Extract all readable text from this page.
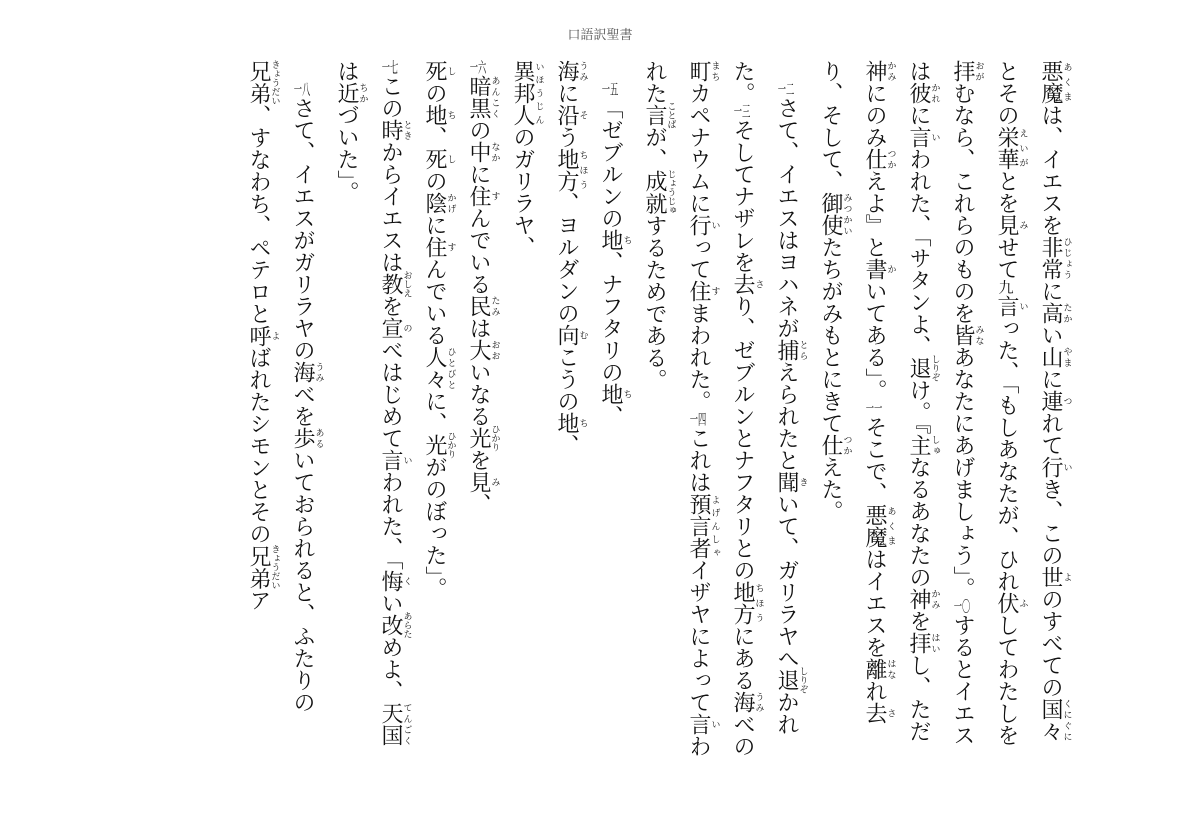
口語訳聖書

悪魔あくまは、イエスを非常ひじょうに高たかい山やまに連つれて行いき、この世よのすべての国々くにぐにとその栄華えいがとを見みせて九言いった、「もしあなたが、ひれ伏ふしてわたしを拝おがむなら、これらのものを皆みなあなたにあげましょう」。一〇するとイエスは彼かれに言いわれた、「サタンよ、退しりぞけ。『主しゅなるあなたの神かみを拝はいし、ただ神かみにのみ仕つかえよ』と書かいてある」。一一そこで、悪魔あくまはイエスを離はなれ去さり、そして、御使みつかいたちがみもとにきて仕つかえた。

　一二さて、イエスはヨハネが捕とらえられたと聞きいて、ガリラヤへ退しりぞかれた。一三そしてナザレを去さり、ゼブルンとナフタリとの地方ちほうにある海うみべの町まちカペナウムに行いって住すまわれた。一四これは預言者よげんしゃイザヤによって言いわれた言ことばが、成就じょうじゅするためである。

　一五「ゼブルンの地ち、ナフタリの地ち、

海うみに沿そう地方ちほう、ヨルダンの向むこうの地ち、

異邦人いほうじんのガリラヤ、

一六暗黒あんこくの中なかに住すんでいる民たみは大おおいなる光ひかりを見み、

死しの地ち、死しの陰かげに住すんでいる人々ひとびとに、光ひかりがのぼった」。

一七この時ときからイエスは教おしえを宣のべはじめて言いわれた、「悔くい改あらためよ、天国てんごくは近ちかづいた」。

　一八さて、イエスがガリラヤの海うみべを歩あるいておられると、ふたりの兄弟きょうだい、すなわち、ペテロと呼よばれたシモンとその兄弟きょうだいア
